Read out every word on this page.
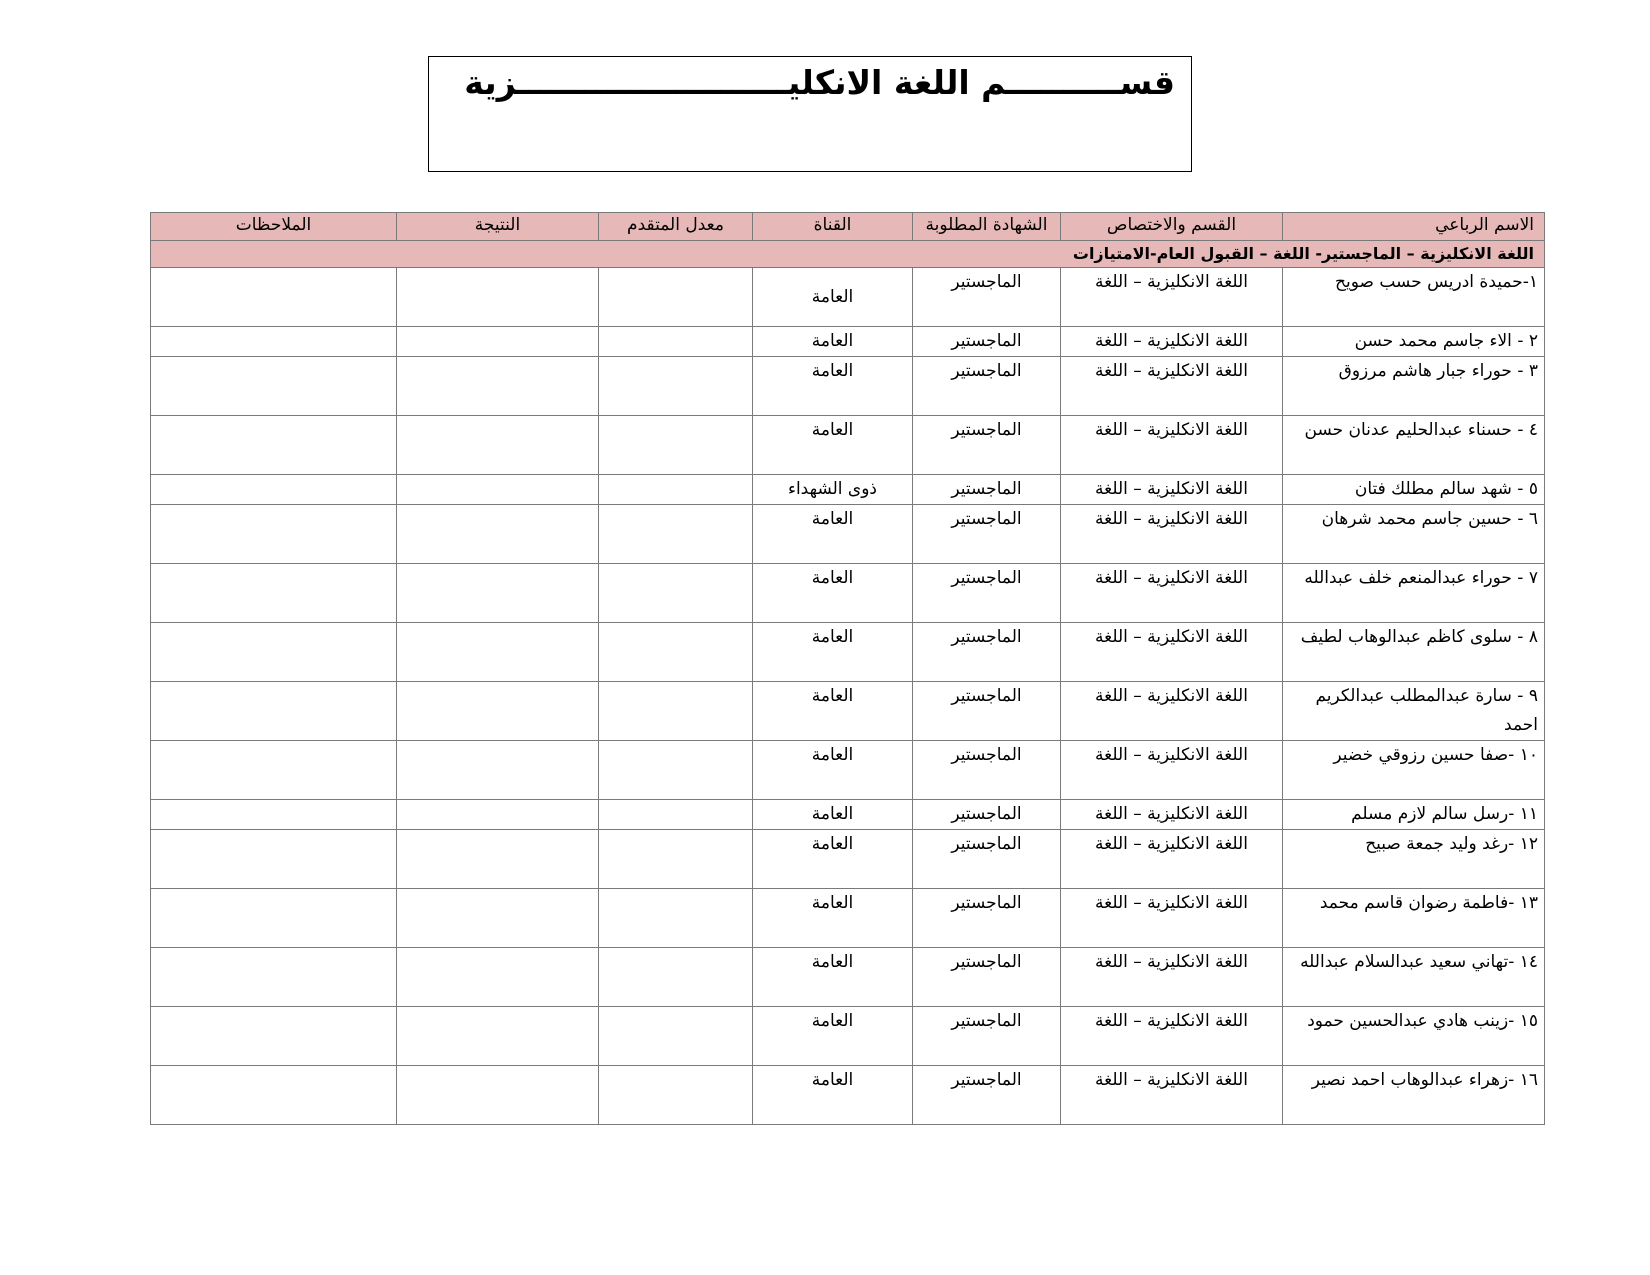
قســــــــــم اللغة الانكليــــــــــــــــــــــــزية
الاسم الرباعي	القسم والاختصاص	الشهادة المطلوبة	القناة	معدل المتقدم	النتيجة	الملاحظات
اللغة الانكليزية – الماجستير- اللغة – القبول العام-الامتيازات						
١-حميدة ادريس حسب صويح	اللغة الانكليزية – اللغة	الماجستير	العامة			
٢ - الاء جاسم محمد حسن	اللغة الانكليزية – اللغة	الماجستير	العامة			
٣ - حوراء جبار هاشم مرزوق	اللغة الانكليزية – اللغة	الماجستير	العامة			
٤ - حسناء عبدالحليم عدنان حسن	اللغة الانكليزية – اللغة	الماجستير	العامة			
٥ - شهد سالم مطلك فتان	اللغة الانكليزية – اللغة	الماجستير	ذوى الشهداء			
٦ - حسين جاسم محمد شرهان	اللغة الانكليزية – اللغة	الماجستير	العامة			
٧ - حوراء عبدالمنعم خلف عبدالله	اللغة الانكليزية – اللغة	الماجستير	العامة			
٨ - سلوى كاظم عبدالوهاب لطيف	اللغة الانكليزية – اللغة	الماجستير	العامة			
٩ - سارة عبدالمطلب عبدالكريم احمد	اللغة الانكليزية – اللغة	الماجستير	العامة			
١٠ -صفا حسين رزوقي خضير	اللغة الانكليزية – اللغة	الماجستير	العامة			
١١ -رسل سالم لازم مسلم	اللغة الانكليزية – اللغة	الماجستير	العامة			
١٢ -رغد وليد جمعة صبيح	اللغة الانكليزية – اللغة	الماجستير	العامة			
١٣ -فاطمة رضوان قاسم محمد	اللغة الانكليزية – اللغة	الماجستير	العامة			
١٤ -تهاني سعيد عبدالسلام عبدالله	اللغة الانكليزية – اللغة	الماجستير	العامة			
١٥ -زينب هادي عبدالحسين حمود	اللغة الانكليزية – اللغة	الماجستير	العامة			
١٦ -زهراء عبدالوهاب احمد نصير	اللغة الانكليزية – اللغة	الماجستير	العامة			
